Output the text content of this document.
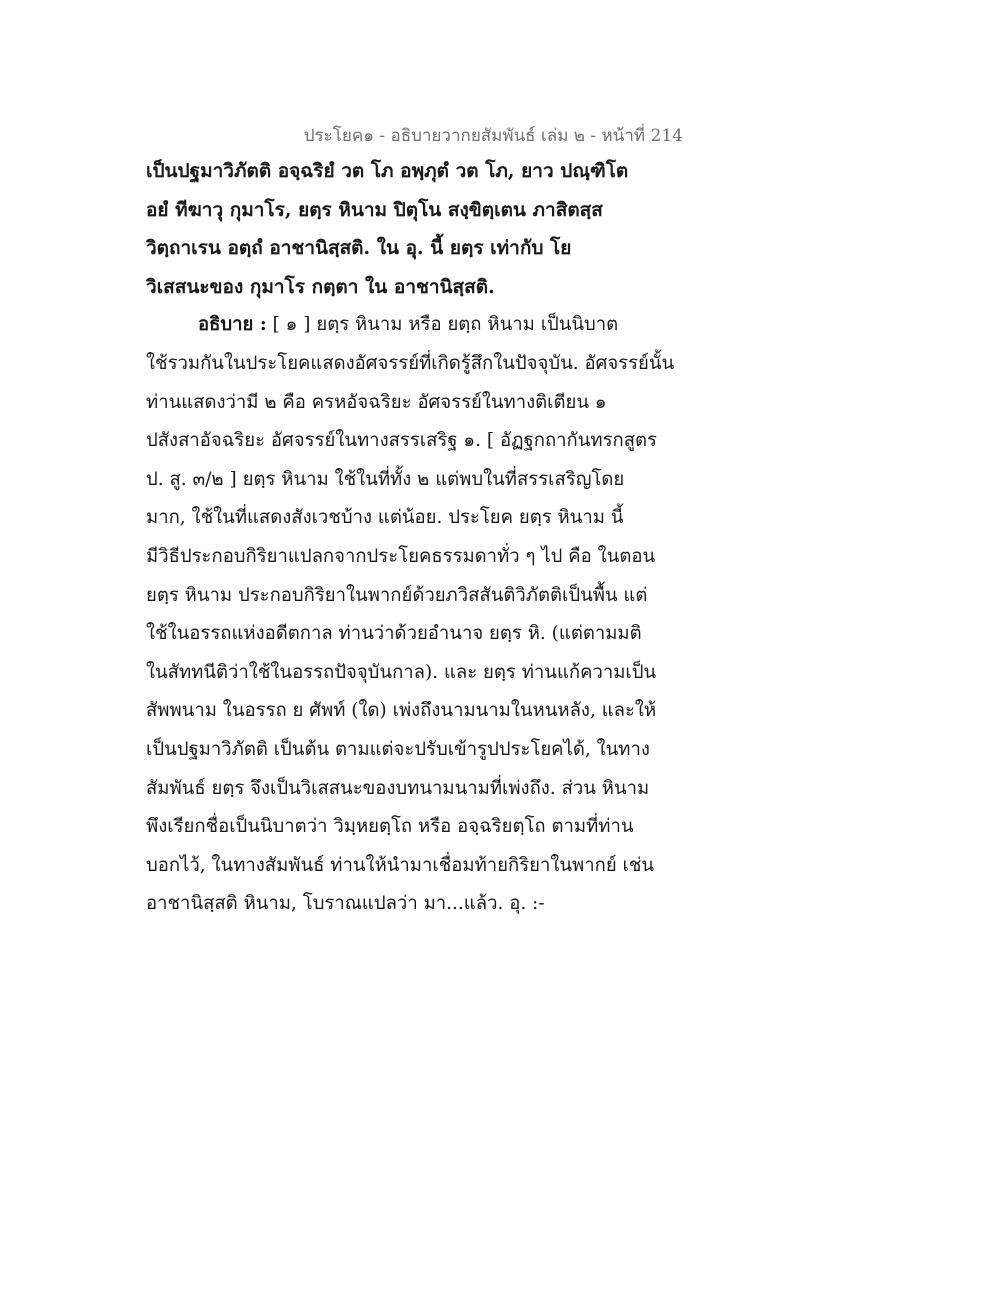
ประโยค๑ - อธิบายวากยสัมพันธ์ เล่ม ๒ - หน้าที่ 214
เป็นปฐมาวิภัตติ อจฺฉริยํ วต โภ อพฺภุตํ วต โภ, ยาว ปณฺฑิโต
อยํ ทีฆาวุ กุมาโร, ยตฺร หินาม ปิตุโน สงฺขิตฺเตน ภาสิตสฺส
วิตฺถาเรน อตฺถํ อาชานิสฺสติ. ใน อุ. นี้ ยตฺร เท่ากับ โย
วิเสสนะของ กุมาโร กตฺตา ใน อาชานิสฺสติ.
อธิบาย : [ ๑ ] ยตฺร หินาม หรือ ยตฺถ หินาม เป็นนิบาต
ใช้รวมกันในประโยคแสดงอัศจรรย์ที่เกิดรู้สึกในปัจจุบัน. อัศจรรย์นั้น
ท่านแสดงว่ามี ๒ คือ ครหอัจฉริยะ อัศจรรย์ในทางติเตียน ๑
ปสังสาอัจฉริยะ อัศจรรย์ในทางสรรเสริฐ ๑. [ อัฏฐกถากันทรกสูตร
ป. สู. ๓/๒ ] ยตฺร หินาม ใช้ในที่ทั้ง ๒ แต่พบในที่สรรเสริญโดย
มาก, ใช้ในที่แสดงสังเวชบ้าง แต่น้อย. ประโยค ยตฺร หินาม นี้
มีวิธีประกอบกิริยาแปลกจากประโยคธรรมดาทั่ว ๆ ไป คือ ในตอน
ยตฺร หินาม ประกอบกิริยาในพากย์ด้วยภวิสสันติวิภัตติเป็นพื้น แต่
ใช้ในอรรถแห่งอดีตกาล ท่านว่าด้วยอำนาจ ยตฺร หิ. (แต่ตามมติ
ในสัททนีติว่าใช้ในอรรถปัจจุบันกาล). และ ยตฺร ท่านแก้ความเป็น
สัพพนาม ในอรรถ ย ศัพท์ (ใด) เพ่งถึงนามนามในหนหลัง, และให้
เป็นปฐมาวิภัตติ เป็นต้น ตามแต่จะปรับเข้ารูปประโยคได้, ในทาง
สัมพันธ์ ยตฺร จึงเป็นวิเสสนะของบทนามนามที่เพ่งถึง. ส่วน หินาม
พึงเรียกชื่อเป็นนิบาตว่า วิมฺหยตฺโถ หรือ อจฺฉริยตฺโถ ตามที่ท่าน
บอกไว้, ในทางสัมพันธ์ ท่านให้นำมาเชื่อมท้ายกิริยาในพากย์ เช่น
อาชานิสฺสติ หินาม, โบราณแปลว่า มา...แล้ว. อุ. :-
